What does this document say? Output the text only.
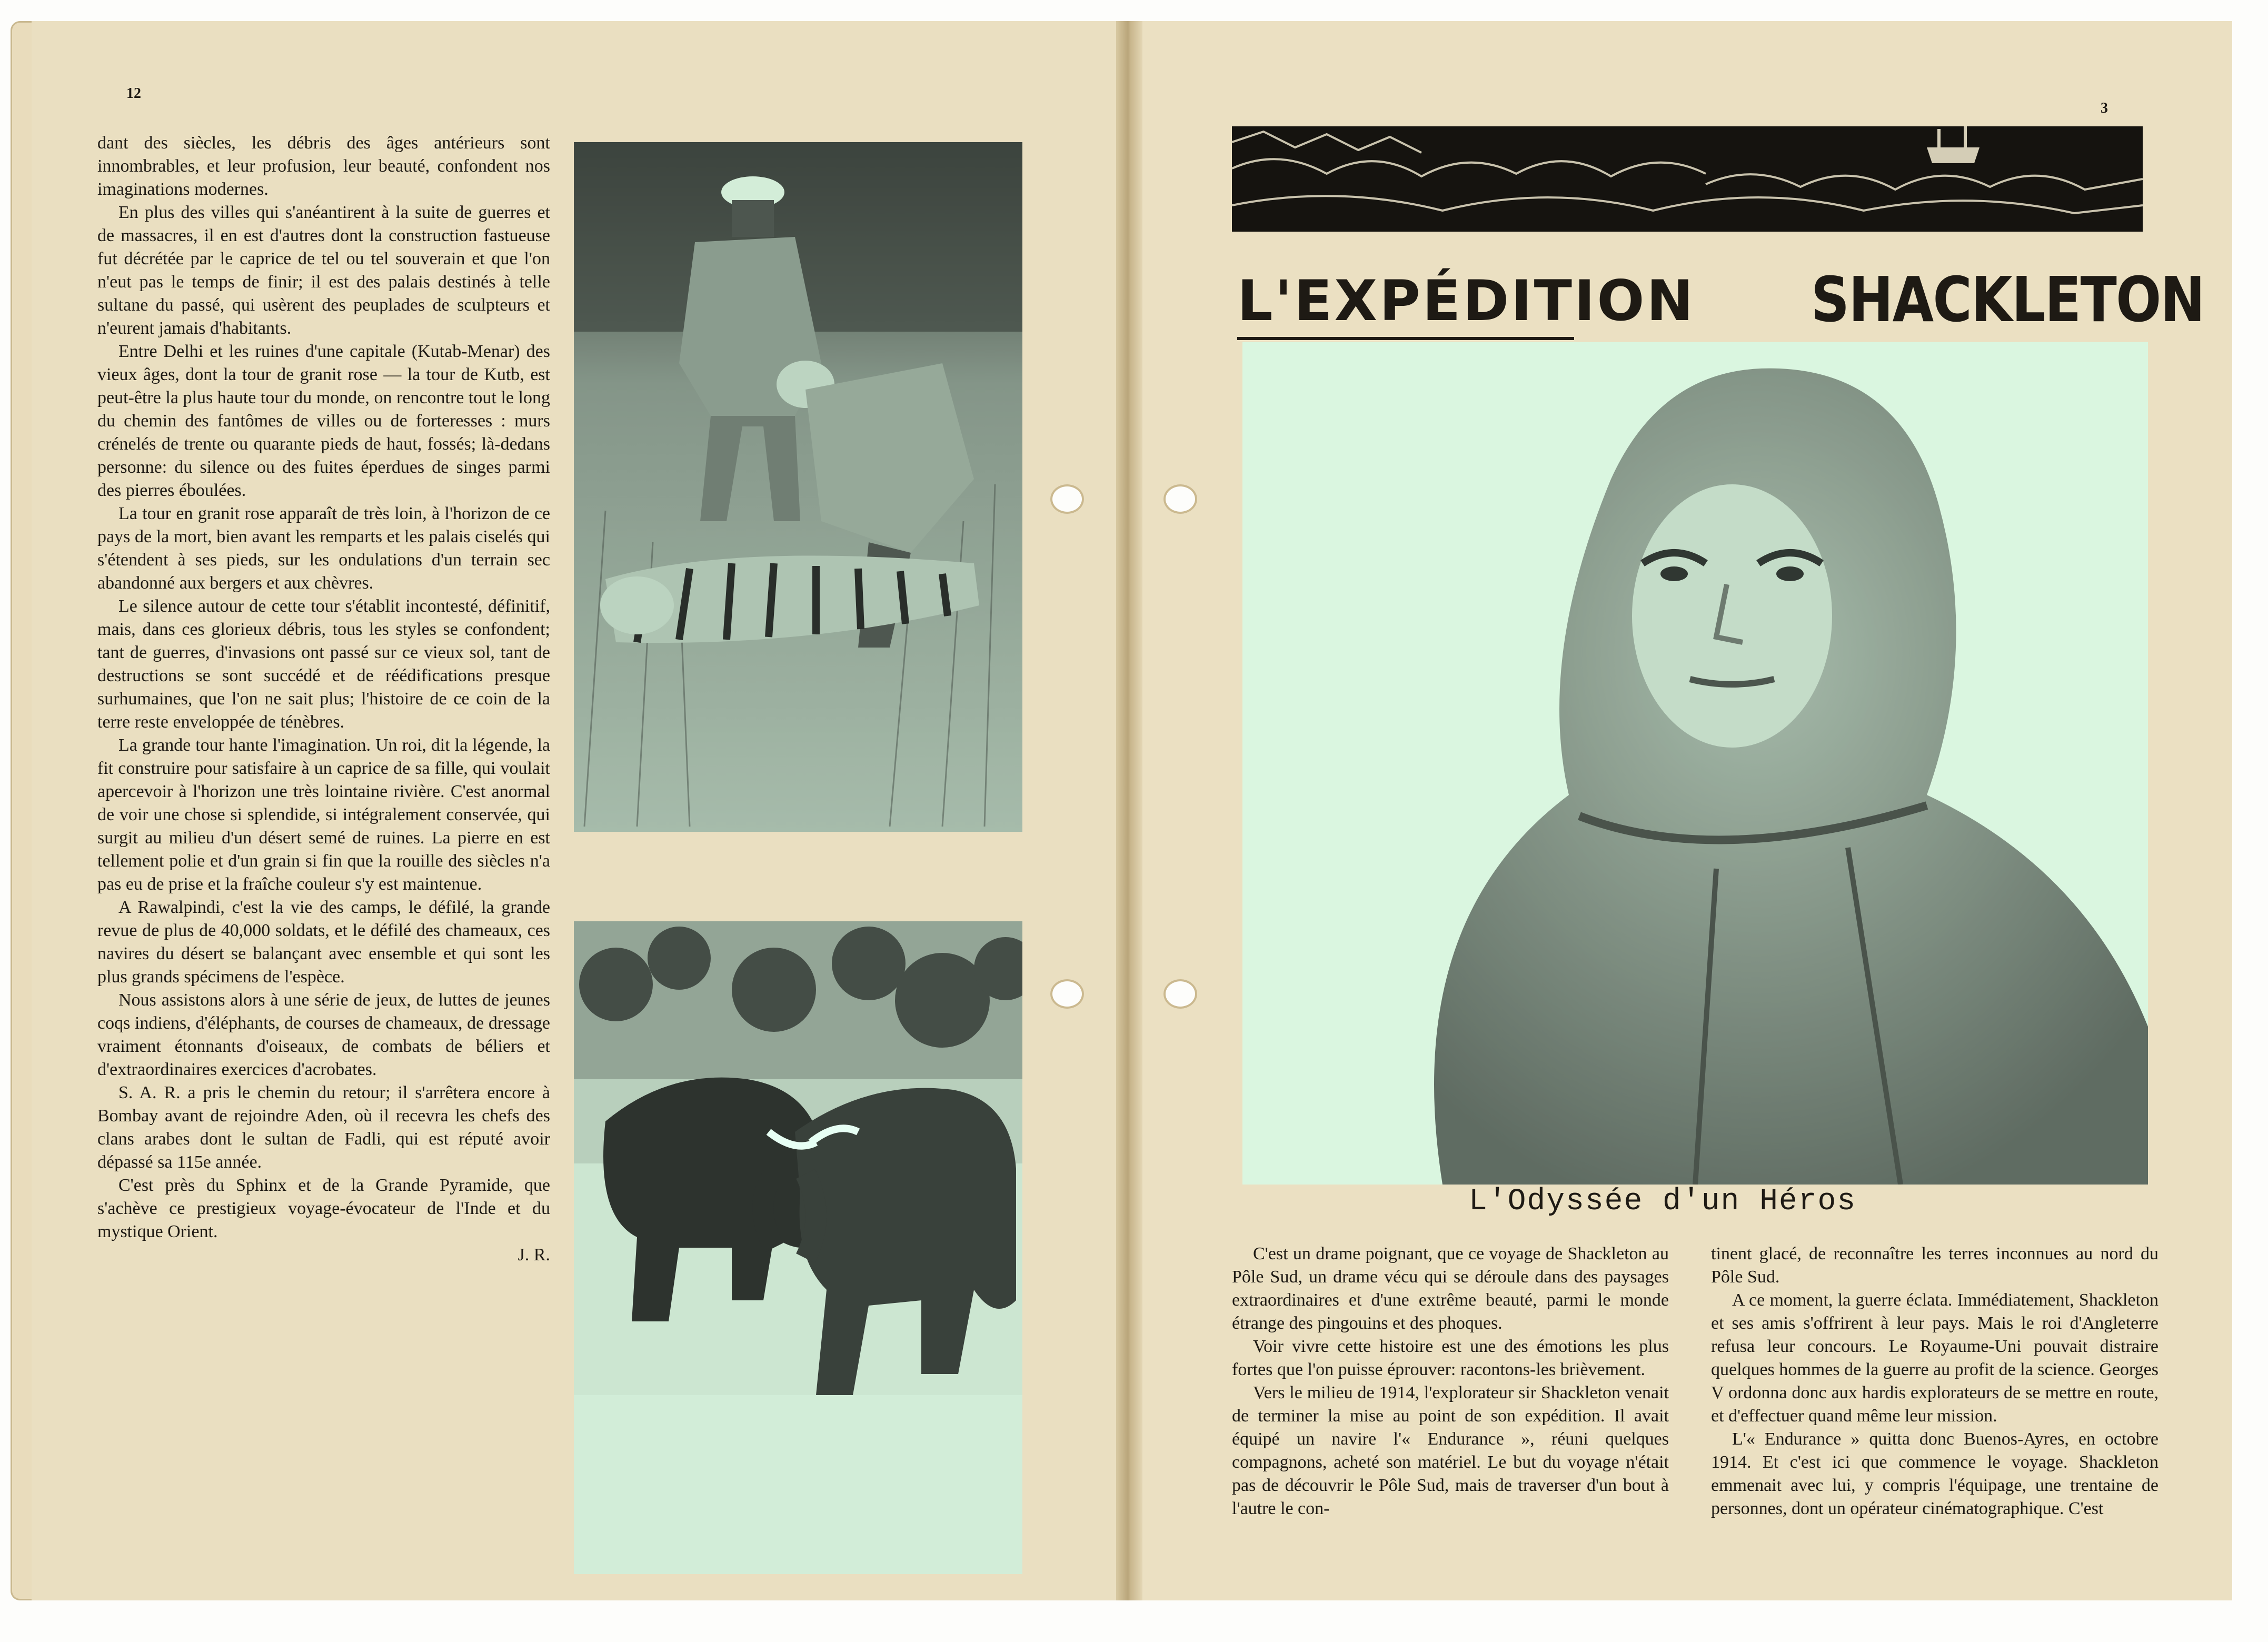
12

dant des siècles, les débris des âges antérieurs sont innombrables, et leur profusion, leur beauté, confondent nos imaginations modernes.

En plus des villes qui s'anéantirent à la suite de guerres et de massacres, il en est d'autres dont la construction fastueuse fut décrétée par le caprice de tel ou tel souverain et que l'on n'eut pas le temps de finir; il est des palais destinés à telle sultane du passé, qui usèrent des peuplades de sculpteurs et n'eurent jamais d'habitants.

Entre Delhi et les ruines d'une capitale (Kutab-Menar) des vieux âges, dont la tour de granit rose — la tour de Kutb, est peut-être la plus haute tour du monde, on rencontre tout le long du chemin des fantômes de villes ou de forteresses : murs crénelés de trente ou quarante pieds de haut, fossés; là-dedans personne: du silence ou des fuites éperdues de singes parmi des pierres éboulées.

La tour en granit rose apparaît de très loin, à l'horizon de ce pays de la mort, bien avant les remparts et les palais ciselés qui s'étendent à ses pieds, sur les ondulations d'un terrain sec abandonné aux bergers et aux chèvres.

Le silence autour de cette tour s'établit incontesté, définitif, mais, dans ces glorieux débris, tous les styles se confondent; tant de guerres, d'invasions ont passé sur ce vieux sol, tant de destructions se sont succédé et de réédifications presque surhumaines, que l'on ne sait plus; l'histoire de ce coin de la terre reste enveloppée de ténèbres.

La grande tour hante l'imagination. Un roi, dit la légende, la fit construire pour satisfaire à un caprice de sa fille, qui voulait apercevoir à l'horizon une très lointaine rivière. C'est anormal de voir une chose si splendide, si intégralement conservée, qui surgit au milieu d'un désert semé de ruines. La pierre en est tellement polie et d'un grain si fin que la rouille des siècles n'a pas eu de prise et la fraîche couleur s'y est maintenue.

A Rawalpindi, c'est la vie des camps, le défilé, la grande revue de plus de 40,000 soldats, et le défilé des chameaux, ces navires du désert se balançant avec ensemble et qui sont les plus grands spécimens de l'espèce.

Nous assistons alors à une série de jeux, de luttes de jeunes coqs indiens, d'éléphants, de courses de chameaux, de dressage vraiment étonnants d'oiseaux, de combats de béliers et d'extraordinaires exercices d'acrobates.

S. A. R. a pris le chemin du retour; il s'arrêtera encore à Bombay avant de rejoindre Aden, où il recevra les chefs des clans arabes dont le sultan de Fadli, qui est réputé avoir dépassé sa 115e année.

C'est près du Sphinx et de la Grande Pyramide, que s'achève ce prestigieux voyage-évocateur de l'Inde et du mystique Orient.

J. R.
3
L'EXPÉDITION SHACKLETON
L'Odyssée d'un Héros

C'est un drame poignant, que ce voyage de Shackleton au Pôle Sud, un drame vécu qui se déroule dans des paysages extraordinaires et d'une extrême beauté, parmi le monde étrange des pingouins et des phoques.

Voir vivre cette histoire est une des émotions les plus fortes que l'on puisse éprouver: racontons-les brièvement.

Vers le milieu de 1914, l'explorateur sir Shackleton venait de terminer la mise au point de son expédition. Il avait équipé un navire l'« Endurance », réuni quelques compagnons, acheté son matériel. Le but du voyage n'était pas de découvrir le Pôle Sud, mais de traverser d'un bout à l'autre le con-

tinent glacé, de reconnaître les terres inconnues au nord du Pôle Sud.

A ce moment, la guerre éclata. Immédiatement, Shackleton et ses amis s'offrirent à leur pays. Mais le roi d'Angleterre refusa leur concours. Le Royaume-Uni pouvait distraire quelques hommes de la guerre au profit de la science. Georges V ordonna donc aux hardis explorateurs de se mettre en route, et d'effectuer quand même leur mission.

L'« Endurance » quitta donc Buenos-Ayres, en octobre 1914. Et c'est ici que commence le voyage. Shackleton emmenait avec lui, y compris l'équipage, une trentaine de personnes, dont un opérateur cinématographique. C'est
